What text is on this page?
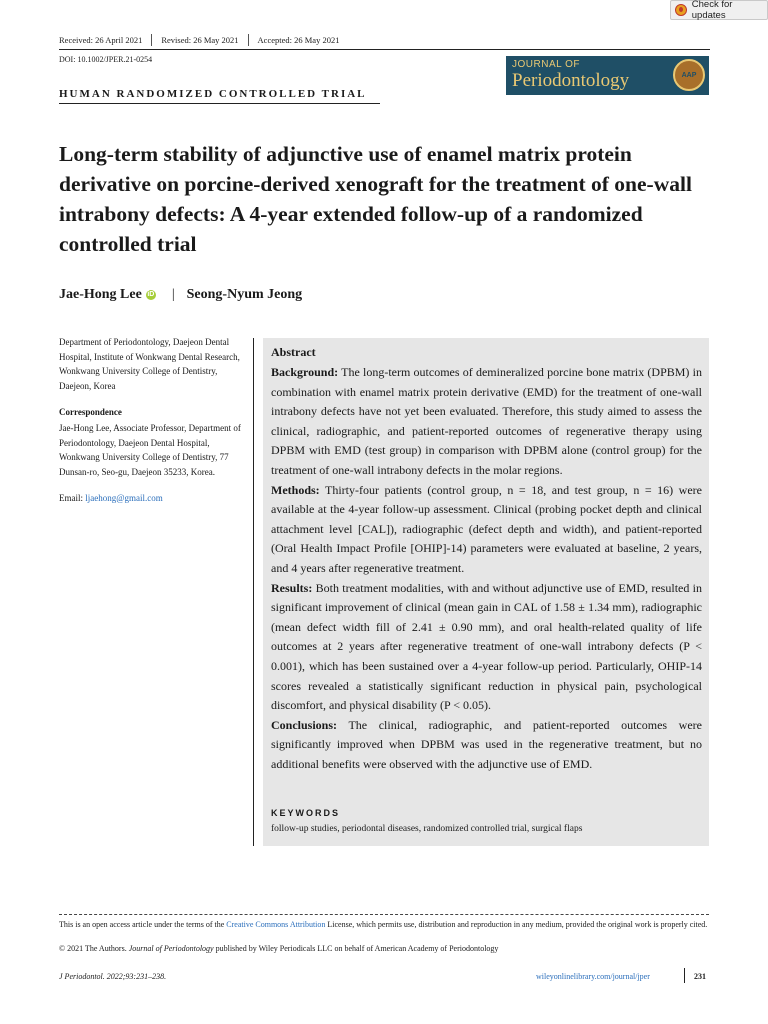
Check for updates
Received: 26 April 2021 Revised: 26 May 2021 Accepted: 26 May 2021
DOI: 10.1002/JPER.21-0254	JOURNAL OF
Periodontology	AAP
HUMAN RANDOMIZED CONTROLLED TRIAL
Long-term stability of adjunctive use of enamel matrix protein derivative on porcine-derived xenograft for the treatment of one-wall intrabony defects: A 4-year extended follow-up of a randomized controlled trial
Jae-Hong Lee iD | Seong-Nyum Jeong
Department of Periodontology, Daejeon Dental Hospital, Institute of Wonkwang Dental Research, Wonkwang University College of Dentistry, Daejeon, Korea
Correspondence
Jae-Hong Lee, Associate Professor, Department of Periodontology, Daejeon Dental Hospital, Wonkwang University College of Dentistry, 77 Dunsan-ro, Seo-gu, Daejeon 35233, Korea.
Email: ljaehong@gmail.com
Abstract

Background: The long-term outcomes of demineralized porcine bone matrix (DPBM) in combination with enamel matrix protein derivative (EMD) for the treatment of one-wall intrabony defects have not yet been evaluated. Therefore, this study aimed to assess the clinical, radiographic, and patient-reported outcomes of regenerative therapy using DPBM with EMD (test group) in comparison with DPBM alone (control group) for the treatment of one-wall intrabony defects in the molar regions.
Methods: Thirty-four patients (control group, n = 18, and test group, n = 16) were available at the 4-year follow-up assessment. Clinical (probing pocket depth and clinical attachment level [CAL]), radiographic (defect depth and width), and patient-reported (Oral Health Impact Profile [OHIP]-14) parameters were evaluated at baseline, 2 years, and 4 years after regenerative treatment.
Results: Both treatment modalities, with and without adjunctive use of EMD, resulted in significant improvement of clinical (mean gain in CAL of 1.58 ± 1.34 mm), radiographic (mean defect width fill of 2.41 ± 0.90 mm), and oral health-related quality of life outcomes at 2 years after regenerative treatment of one-wall intrabony defects (P < 0.001), which has been sustained over a 4-year follow-up period. Particularly, OHIP-14 scores revealed a statistically significant reduction in physical pain, psychological discomfort, and physical disability (P < 0.05).
Conclusions: The clinical, radiographic, and patient-reported outcomes were significantly improved when DPBM was used in the regenerative treatment, but no additional benefits were observed with the adjunctive use of EMD.

KEYWORDS
follow-up studies, periodontal diseases, randomized controlled trial, surgical flaps
This is an open access article under the terms of the Creative Commons Attribution License, which permits use, distribution and reproduction in any medium, provided the original work is properly cited.
© 2021 The Authors. Journal of Periodontology published by Wiley Periodicals LLC on behalf of American Academy of Periodontology
J Periodontol. 2022;93:231–238.	wileyonlinelibrary.com/journal/jper	231
